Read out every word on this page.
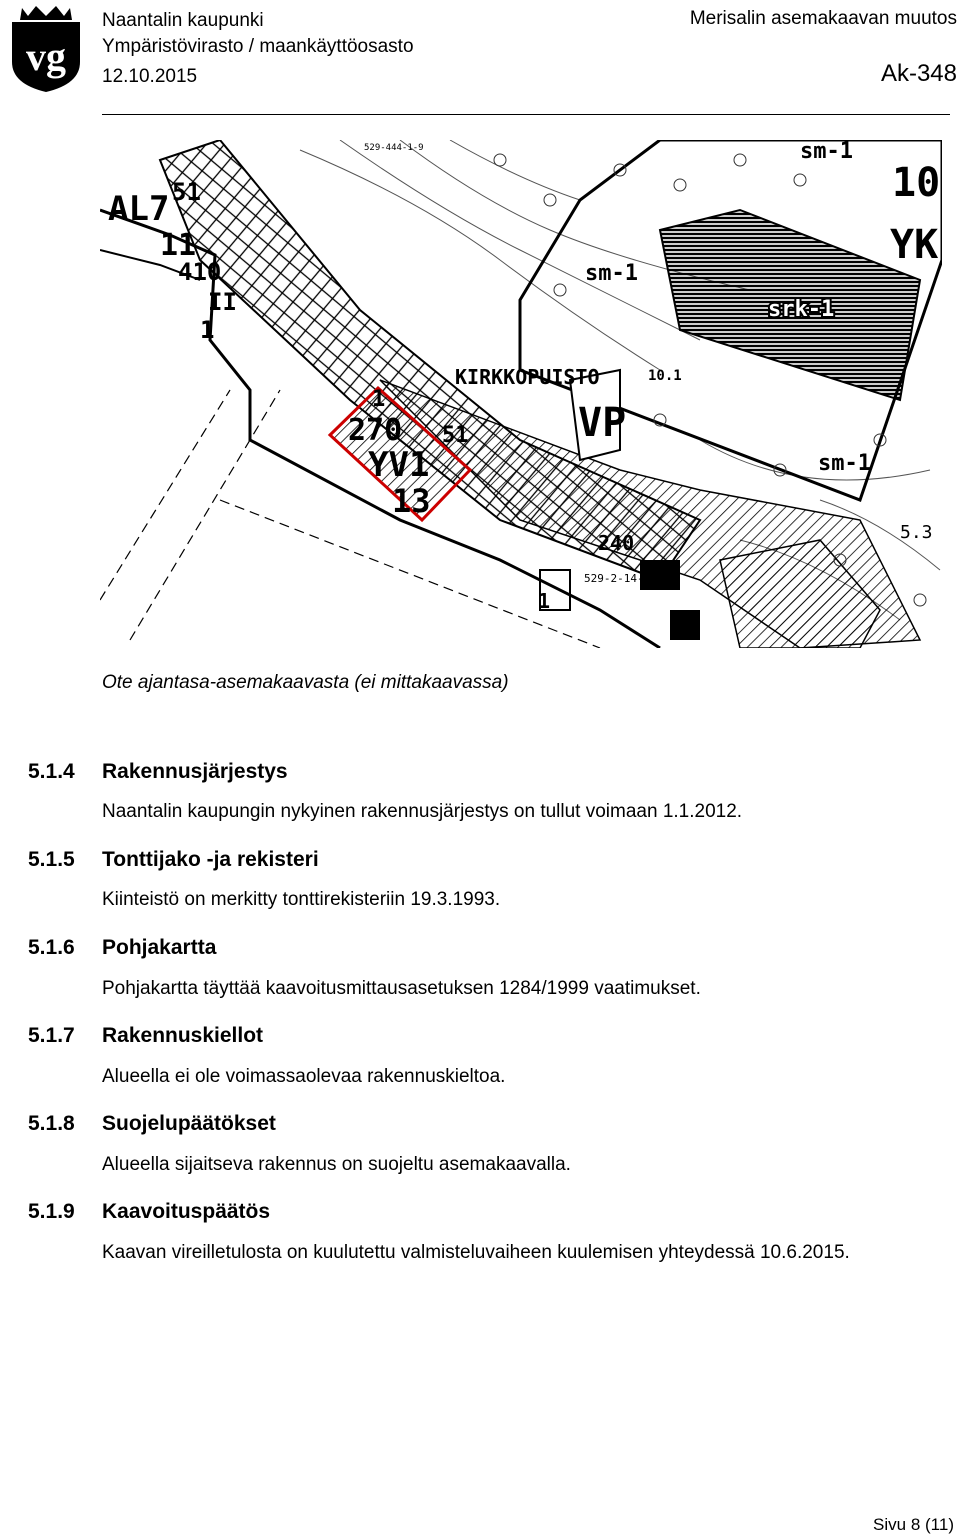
vg
Naantalin kaupunki
Ympäristövirasto / maankäyttöosasto
12.10.2015
Merisalin asemakaavan muutos
Ak-348
AL7 51
11
410
II
1
sm-1
10
YK
sm-1
srk-1
KIRKKOPUISTO	10.1
VP
1
270
YV1
13
51
sm-1
5.3
529-444-1-9
529-2-14-12
240
1
Ote ajantasa-asemakaavasta (ei mittakaavassa)
5.1.4 Rakennusjärjestys
Naantalin kaupungin nykyinen rakennusjärjestys on tullut voimaan 1.1.2012.
5.1.5 Tonttijako -ja rekisteri
Kiinteistö on merkitty tonttirekisteriin 19.3.1993.
5.1.6 Pohjakartta
Pohjakartta täyttää kaavoitusmittausasetuksen 1284/1999 vaatimukset.
5.1.7 Rakennuskiellot
Alueella ei ole voimassaolevaa rakennuskieltoa.
5.1.8 Suojelupäätökset
Alueella sijaitseva rakennus on suojeltu asemakaavalla.
5.1.9 Kaavoituspäätös
Kaavan vireilletulosta on kuulutettu valmisteluvaiheen kuulemisen yhteydessä 10.6.2015.
Sivu 8 (11)
